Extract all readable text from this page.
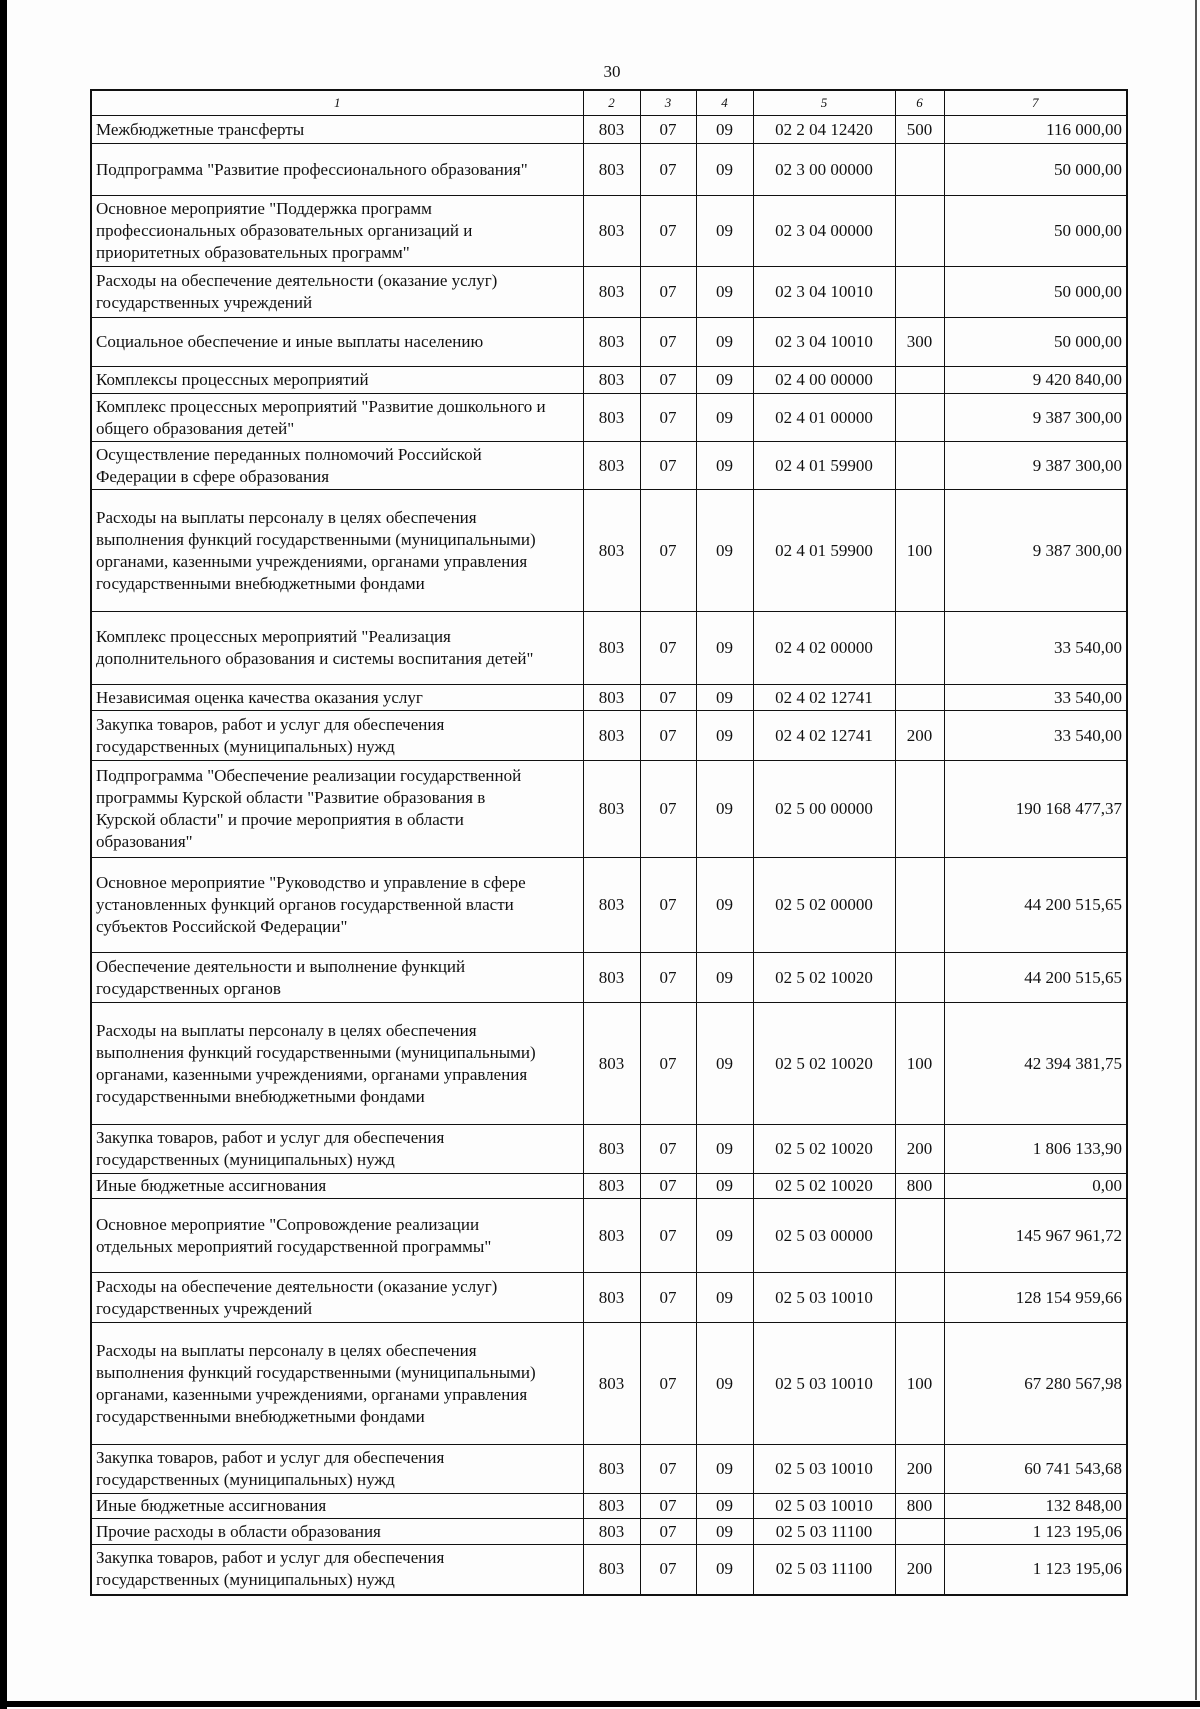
30
1	2	3	4	5	6	7
Межбюджетные трансферты	803	07	09	02 2 04 12420	500	116 000,00
Подпрограмма "Развитие профессионального образования"	803	07	09	02 3 00 00000		50 000,00
Основное мероприятие "Поддержка программ
профессиональных образовательных организаций и
приоритетных образовательных программ"	803	07	09	02 3 04 00000		50 000,00
Расходы на обеспечение деятельности (оказание услуг)
государственных учреждений	803	07	09	02 3 04 10010		50 000,00
Социальное обеспечение и иные выплаты населению	803	07	09	02 3 04 10010	300	50 000,00
Комплексы процессных мероприятий	803	07	09	02 4 00 00000		9 420 840,00
Комплекс процессных мероприятий "Развитие дошкольного и
общего образования детей"	803	07	09	02 4 01 00000		9 387 300,00
Осуществление переданных полномочий Российской
Федерации в сфере образования	803	07	09	02 4 01 59900		9 387 300,00
Расходы на выплаты персоналу в целях обеспечения
выполнения функций государственными (муниципальными)
органами, казенными учреждениями, органами управления
государственными внебюджетными фондами	803	07	09	02 4 01 59900	100	9 387 300,00
Комплекс процессных мероприятий "Реализация
дополнительного образования и системы воспитания детей"	803	07	09	02 4 02 00000		33 540,00
Независимая оценка качества оказания услуг	803	07	09	02 4 02 12741		33 540,00
Закупка товаров, работ и услуг для обеспечения
государственных (муниципальных) нужд	803	07	09	02 4 02 12741	200	33 540,00
Подпрограмма "Обеспечение реализации государственной
программы Курской области "Развитие образования в
Курской области" и прочие мероприятия в области
образования"	803	07	09	02 5 00 00000		190 168 477,37
Основное мероприятие "Руководство и управление в сфере
установленных функций органов государственной власти
субъектов Российской Федерации"	803	07	09	02 5 02 00000		44 200 515,65
Обеспечение деятельности и выполнение функций
государственных органов	803	07	09	02 5 02 10020		44 200 515,65
Расходы на выплаты персоналу в целях обеспечения
выполнения функций государственными (муниципальными)
органами, казенными учреждениями, органами управления
государственными внебюджетными фондами	803	07	09	02 5 02 10020	100	42 394 381,75
Закупка товаров, работ и услуг для обеспечения
государственных (муниципальных) нужд	803	07	09	02 5 02 10020	200	1 806 133,90
Иные бюджетные ассигнования	803	07	09	02 5 02 10020	800	0,00
Основное мероприятие "Сопровождение реализации
отдельных мероприятий государственной программы"	803	07	09	02 5 03 00000		145 967 961,72
Расходы на обеспечение деятельности (оказание услуг)
государственных учреждений	803	07	09	02 5 03 10010		128 154 959,66
Расходы на выплаты персоналу в целях обеспечения
выполнения функций государственными (муниципальными)
органами, казенными учреждениями, органами управления
государственными внебюджетными фондами	803	07	09	02 5 03 10010	100	67 280 567,98
Закупка товаров, работ и услуг для обеспечения
государственных (муниципальных) нужд	803	07	09	02 5 03 10010	200	60 741 543,68
Иные бюджетные ассигнования	803	07	09	02 5 03 10010	800	132 848,00
Прочие расходы в области образования	803	07	09	02 5 03 11100		1 123 195,06
Закупка товаров, работ и услуг для обеспечения
государственных (муниципальных) нужд	803	07	09	02 5 03 11100	200	1 123 195,06
